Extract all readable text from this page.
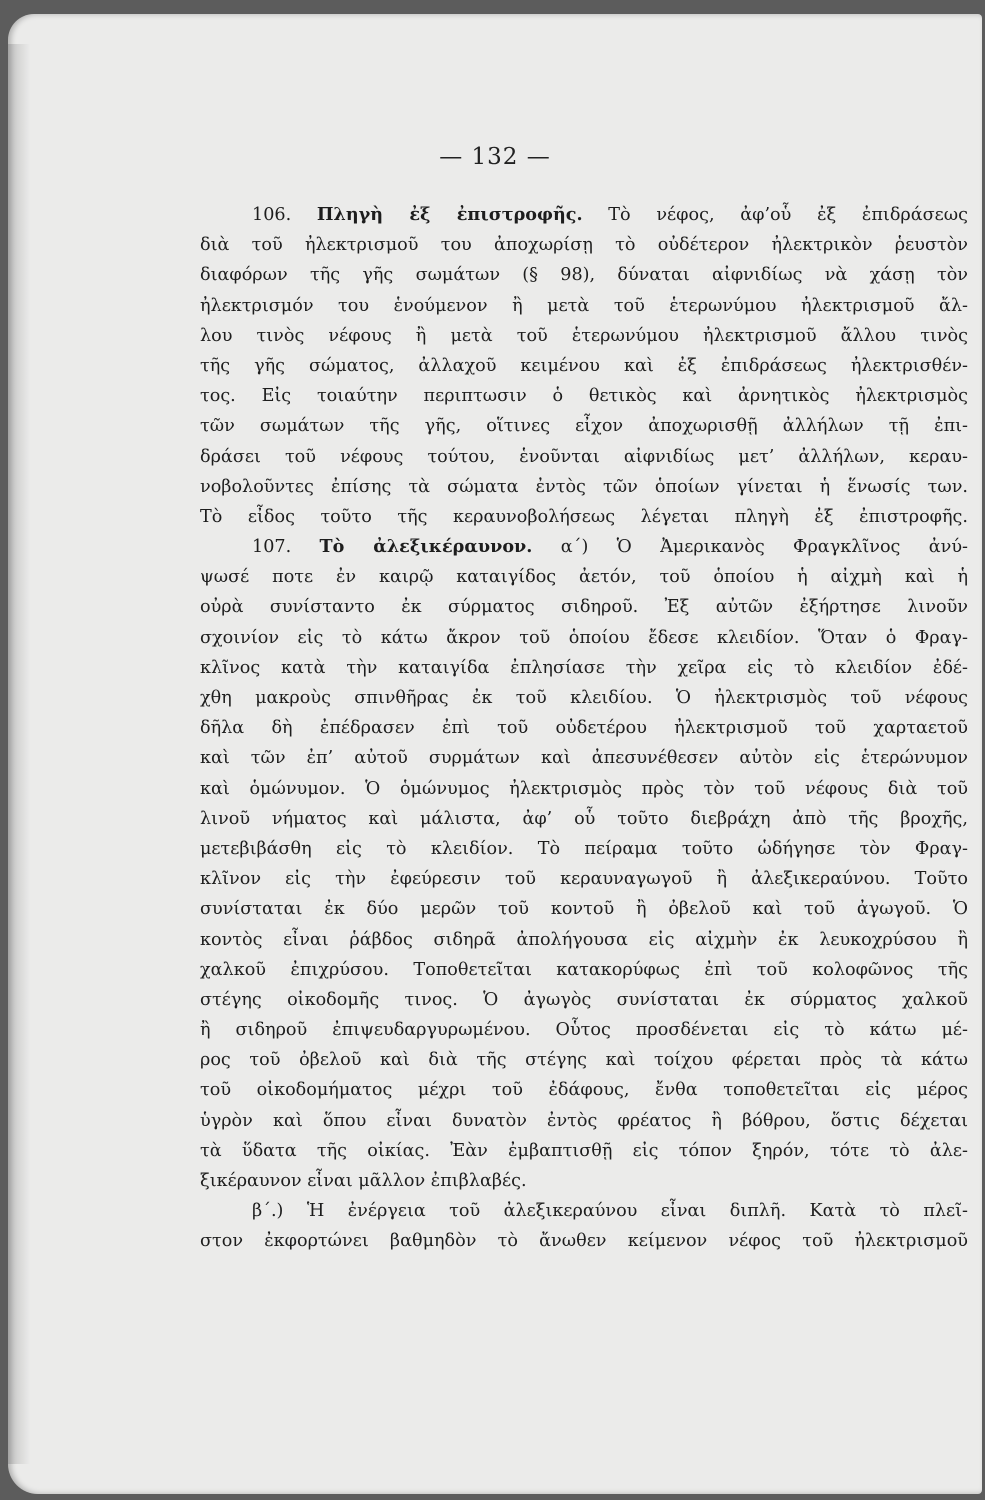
— 132 —
106. Πληγὴ ἐξ ἐπιστροφῆς. Τὸ νέφος, ἀφ’οὗ ἐξ ἐπιδράσεως
διὰ τοῦ ἠλεκτρισμοῦ του ἀποχωρίσῃ τὸ οὐδέτερον ἠλεκτρικὸν ῥευστὸν
διαφόρων τῆς γῆς σωμάτων (§ 98), δύναται αἰφνιδίως νὰ χάσῃ τὸν
ἠλεκτρισμόν του ἑνούμενον ἢ μετὰ τοῦ ἑτερωνύμου ἠλεκτρισμοῦ ἄλ-
λου τινὸς νέφους ἢ μετὰ τοῦ ἑτερωνύμου ἠλεκτρισμοῦ ἄλλου τινὸς
τῆς γῆς σώματος, ἀλλαχοῦ κειμένου καὶ ἐξ ἐπιδράσεως ἠλεκτρισθέν-
τος. Εἰς τοιαύτην περιπτωσιν ὁ θετικὸς καὶ ἀρνητικὸς ἠλεκτρισμὸς
τῶν σωμάτων τῆς γῆς, οἵτινες εἶχον ἀποχωρισθῇ ἀλλήλων τῇ ἐπι-
δράσει τοῦ νέφους τούτου, ἑνοῦνται αἰφνιδίως μετ’ ἀλλήλων, κεραυ-
νοβολοῦντες ἐπίσης τὰ σώματα ἐντὸς τῶν ὁποίων γίνεται ἡ ἕνωσίς των.
Τὸ εἶδος τοῦτο τῆς κεραυνοβολήσεως λέγεται πληγὴ ἐξ ἐπιστροφῆς.
107. Τὸ ἀλεξικέραυνον. α΄) Ὁ Ἀμερικανὸς Φραγκλῖνος ἀνύ-
ψωσέ ποτε ἐν καιρῷ καταιγίδος ἀετόν, τοῦ ὁποίου ἡ αἰχμὴ καὶ ἡ
οὐρὰ συνίσταντο ἐκ σύρματος σιδηροῦ. Ἐξ αὐτῶν ἐξήρτησε λινοῦν
σχοινίον εἰς τὸ κάτω ἄκρον τοῦ ὁποίου ἔδεσε κλειδίον. Ὅταν ὁ Φραγ-
κλῖνος κατὰ τὴν καταιγίδα ἐπλησίασε τὴν χεῖρα εἰς τὸ κλειδίον ἐδέ-
χθη μακροὺς σπινθῆρας ἐκ τοῦ κλειδίου. Ὁ ἠλεκτρισμὸς τοῦ νέφους
δῆλα δὴ ἐπέδρασεν ἐπὶ τοῦ οὐδετέρου ἠλεκτρισμοῦ τοῦ χαρταετοῦ
καὶ τῶν ἐπ’ αὐτοῦ συρμάτων καὶ ἀπεσυνέθεσεν αὐτὸν εἰς ἑτερώνυμον
καὶ ὁμώνυμον. Ὁ ὁμώνυμος ἠλεκτρισμὸς πρὸς τὸν τοῦ νέφους διὰ τοῦ
λινοῦ νήματος καὶ μάλιστα, ἀφ’ οὗ τοῦτο διεβράχη ἀπὸ τῆς βροχῆς,
μετεβιβάσθη εἰς τὸ κλειδίον. Τὸ πείραμα τοῦτο ὡδήγησε τὸν Φραγ-
κλῖνον εἰς τὴν ἐφεύρεσιν τοῦ κεραυναγωγοῦ ἢ ἀλεξικεραύνου. Τοῦτο
συνίσταται ἐκ δύο μερῶν τοῦ κοντοῦ ἢ ὀβελοῦ καὶ τοῦ ἀγωγοῦ. Ὁ
κοντὸς εἶναι ῥάβδος σιδηρᾶ ἀπολήγουσα εἰς αἰχμὴν ἐκ λευκοχρύσου ἢ
χαλκοῦ ἐπιχρύσου. Τοποθετεῖται κατακορύφως ἐπὶ τοῦ κολοφῶνος τῆς
στέγης οἰκοδομῆς τινος. Ὁ ἀγωγὸς συνίσταται ἐκ σύρματος χαλκοῦ
ἢ σιδηροῦ ἐπιψευδαργυρωμένου. Οὗτος προσδένεται εἰς τὸ κάτω μέ-
ρος τοῦ ὀβελοῦ καὶ διὰ τῆς στέγης καὶ τοίχου φέρεται πρὸς τὰ κάτω
τοῦ οἰκοδομήματος μέχρι τοῦ ἐδάφους, ἔνθα τοποθετεῖται εἰς μέρος
ὑγρὸν καὶ ὅπου εἶναι δυνατὸν ἐντὸς φρέατος ἢ βόθρου, ὅστις δέχεται
τὰ ὕδατα τῆς οἰκίας. Ἐὰν ἐμβαπτισθῇ εἰς τόπον ξηρόν, τότε τὸ ἀλε-
ξικέραυνον εἶναι μᾶλλον ἐπιβλαβές.
β΄.) Ἡ ἐνέργεια τοῦ ἀλεξικεραύνου εἶναι διπλῆ. Κατὰ τὸ πλεῖ-
στον ἐκφορτώνει βαθμηδὸν τὸ ἄνωθεν κείμενον νέφος τοῦ ἠλεκτρισμοῦ
